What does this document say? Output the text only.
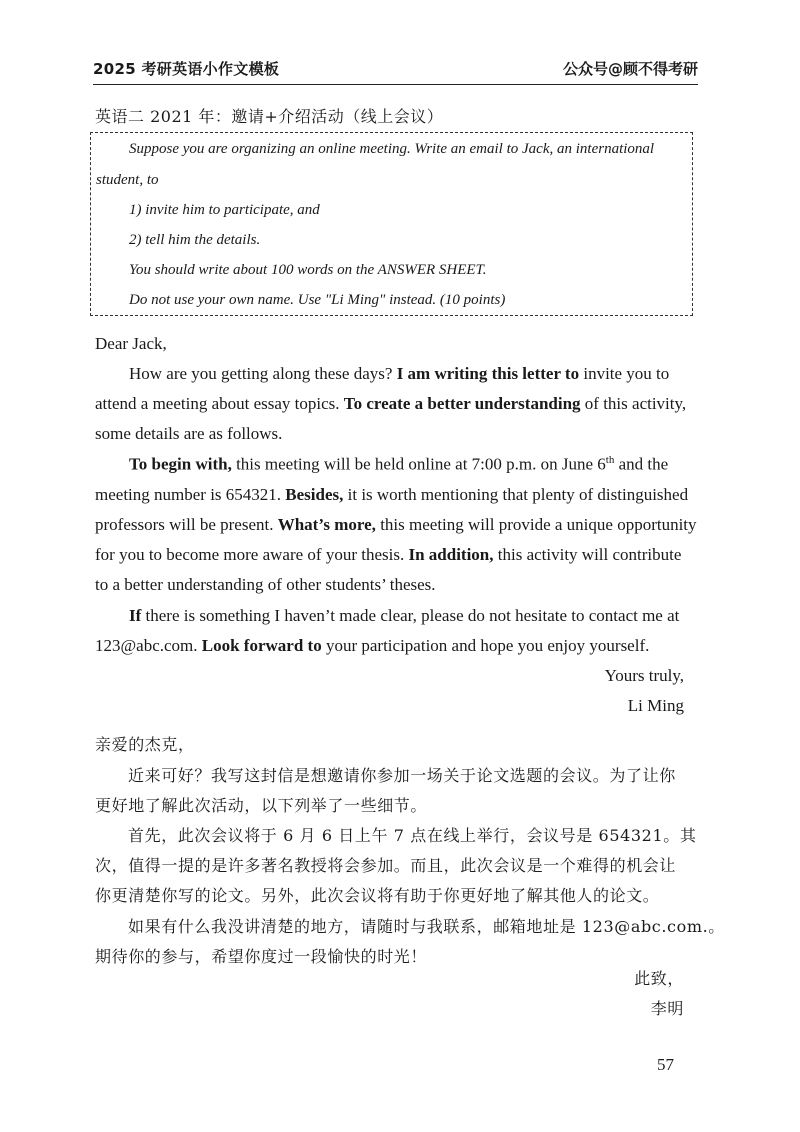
2025 考研英语小作文模板	公众号@顾不得考研
英语二 2021 年：邀请+介绍活动（线上会议）
Suppose you are organizing an online meeting. Write an email to Jack, an international
student, to
1) invite him to participate, and
2) tell him the details.
You should write about 100 words on the ANSWER SHEET.
Do not use your own name. Use "Li Ming" instead. (10 points)
Dear Jack,
How are you getting along these days? I am writing this letter to invite you to
attend a meeting about essay topics. To create a better understanding of this activity,
some details are as follows.
To begin with, this meeting will be held online at 7:00 p.m. on June 6th and the
meeting number is 654321. Besides, it is worth mentioning that plenty of distinguished
professors will be present. What’s more, this meeting will provide a unique opportunity
for you to become more aware of your thesis. In addition, this activity will contribute
to a better understanding of other students’ theses.
If there is something I haven’t made clear, please do not hesitate to contact me at
123@abc.com. Look forward to your participation and hope you enjoy yourself.
Yours truly,
Li Ming
亲爱的杰克，
近来可好？我写这封信是想邀请你参加一场关于论文选题的会议。为了让你
更好地了解此次活动，以下列举了一些细节。
首先，此次会议将于 6 月 6 日上午 7 点在线上举行，会议号是 654321。其
次，值得一提的是许多著名教授将会参加。而且，此次会议是一个难得的机会让
你更清楚你写的论文。另外，此次会议将有助于你更好地了解其他人的论文。
如果有什么我没讲清楚的地方，请随时与我联系，邮箱地址是 123@abc.com.。
期待你的参与，希望你度过一段愉快的时光！
此致，
李明
57
